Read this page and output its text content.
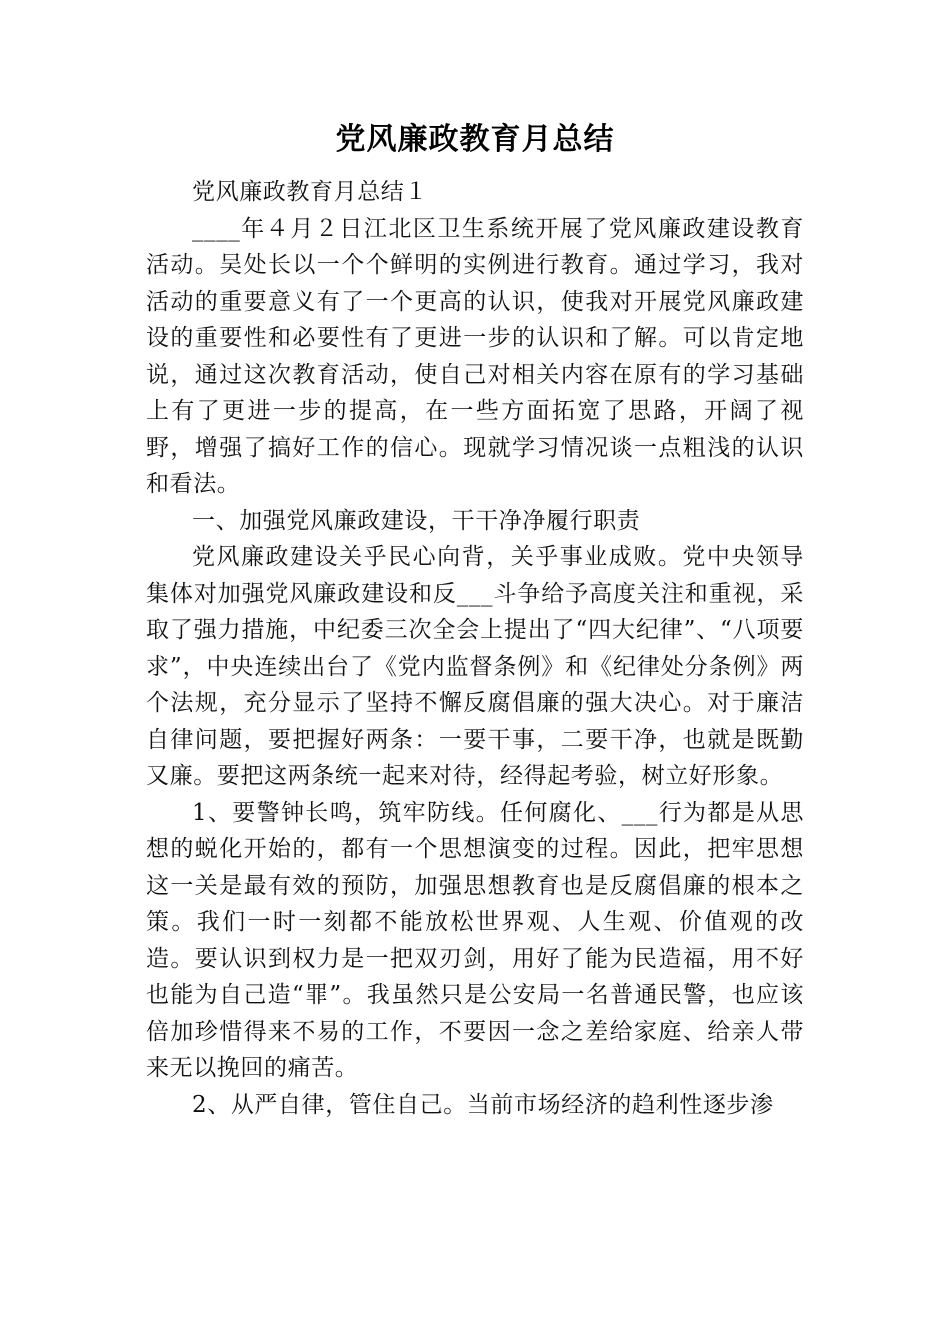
党风廉政教育月总结

党风廉政教育月总结１

____年４月２日江北区卫生系统开展了党风廉政建设教育活动。吴处长以一个个鲜明的实例进行教育。通过学习，我对活动的重要意义有了一个更高的认识，使我对开展党风廉政建设的重要性和必要性有了更进一步的认识和了解。可以肯定地说，通过这次教育活动，使自己对相关内容在原有的学习基础上有了更进一步的提高，在一些方面拓宽了思路，开阔了视野，增强了搞好工作的信心。现就学习情况谈一点粗浅的认识和看法。

一、加强党风廉政建设，干干净净履行职责

党风廉政建设关乎民心向背，关乎事业成败。党中央领导集体对加强党风廉政建设和反___斗争给予高度关注和重视，采取了强力措施，中纪委三次全会上提出了“四大纪律”、“八项要求”，中央连续出台了《党内监督条例》和《纪律处分条例》两个法规，充分显示了坚持不懈反腐倡廉的强大决心。对于廉洁自律问题，要把握好两条：一要干事，二要干净，也就是既勤又廉。要把这两条统一起来对待，经得起考验，树立好形象。

1、要警钟长鸣，筑牢防线。任何腐化、___行为都是从思想的蜕化开始的，都有一个思想演变的过程。因此，把牢思想这一关是最有效的预防，加强思想教育也是反腐倡廉的根本之策。我们一时一刻都不能放松世界观、人生观、价值观的改造。要认识到权力是一把双刃剑，用好了能为民造福，用不好也能为自己造“罪”。我虽然只是公安局一名普通民警，也应该倍加珍惜得来不易的工作，不要因一念之差给家庭、给亲人带来无以挽回的痛苦。

2、从严自律，管住自己。当前市场经济的趋利性逐步渗
